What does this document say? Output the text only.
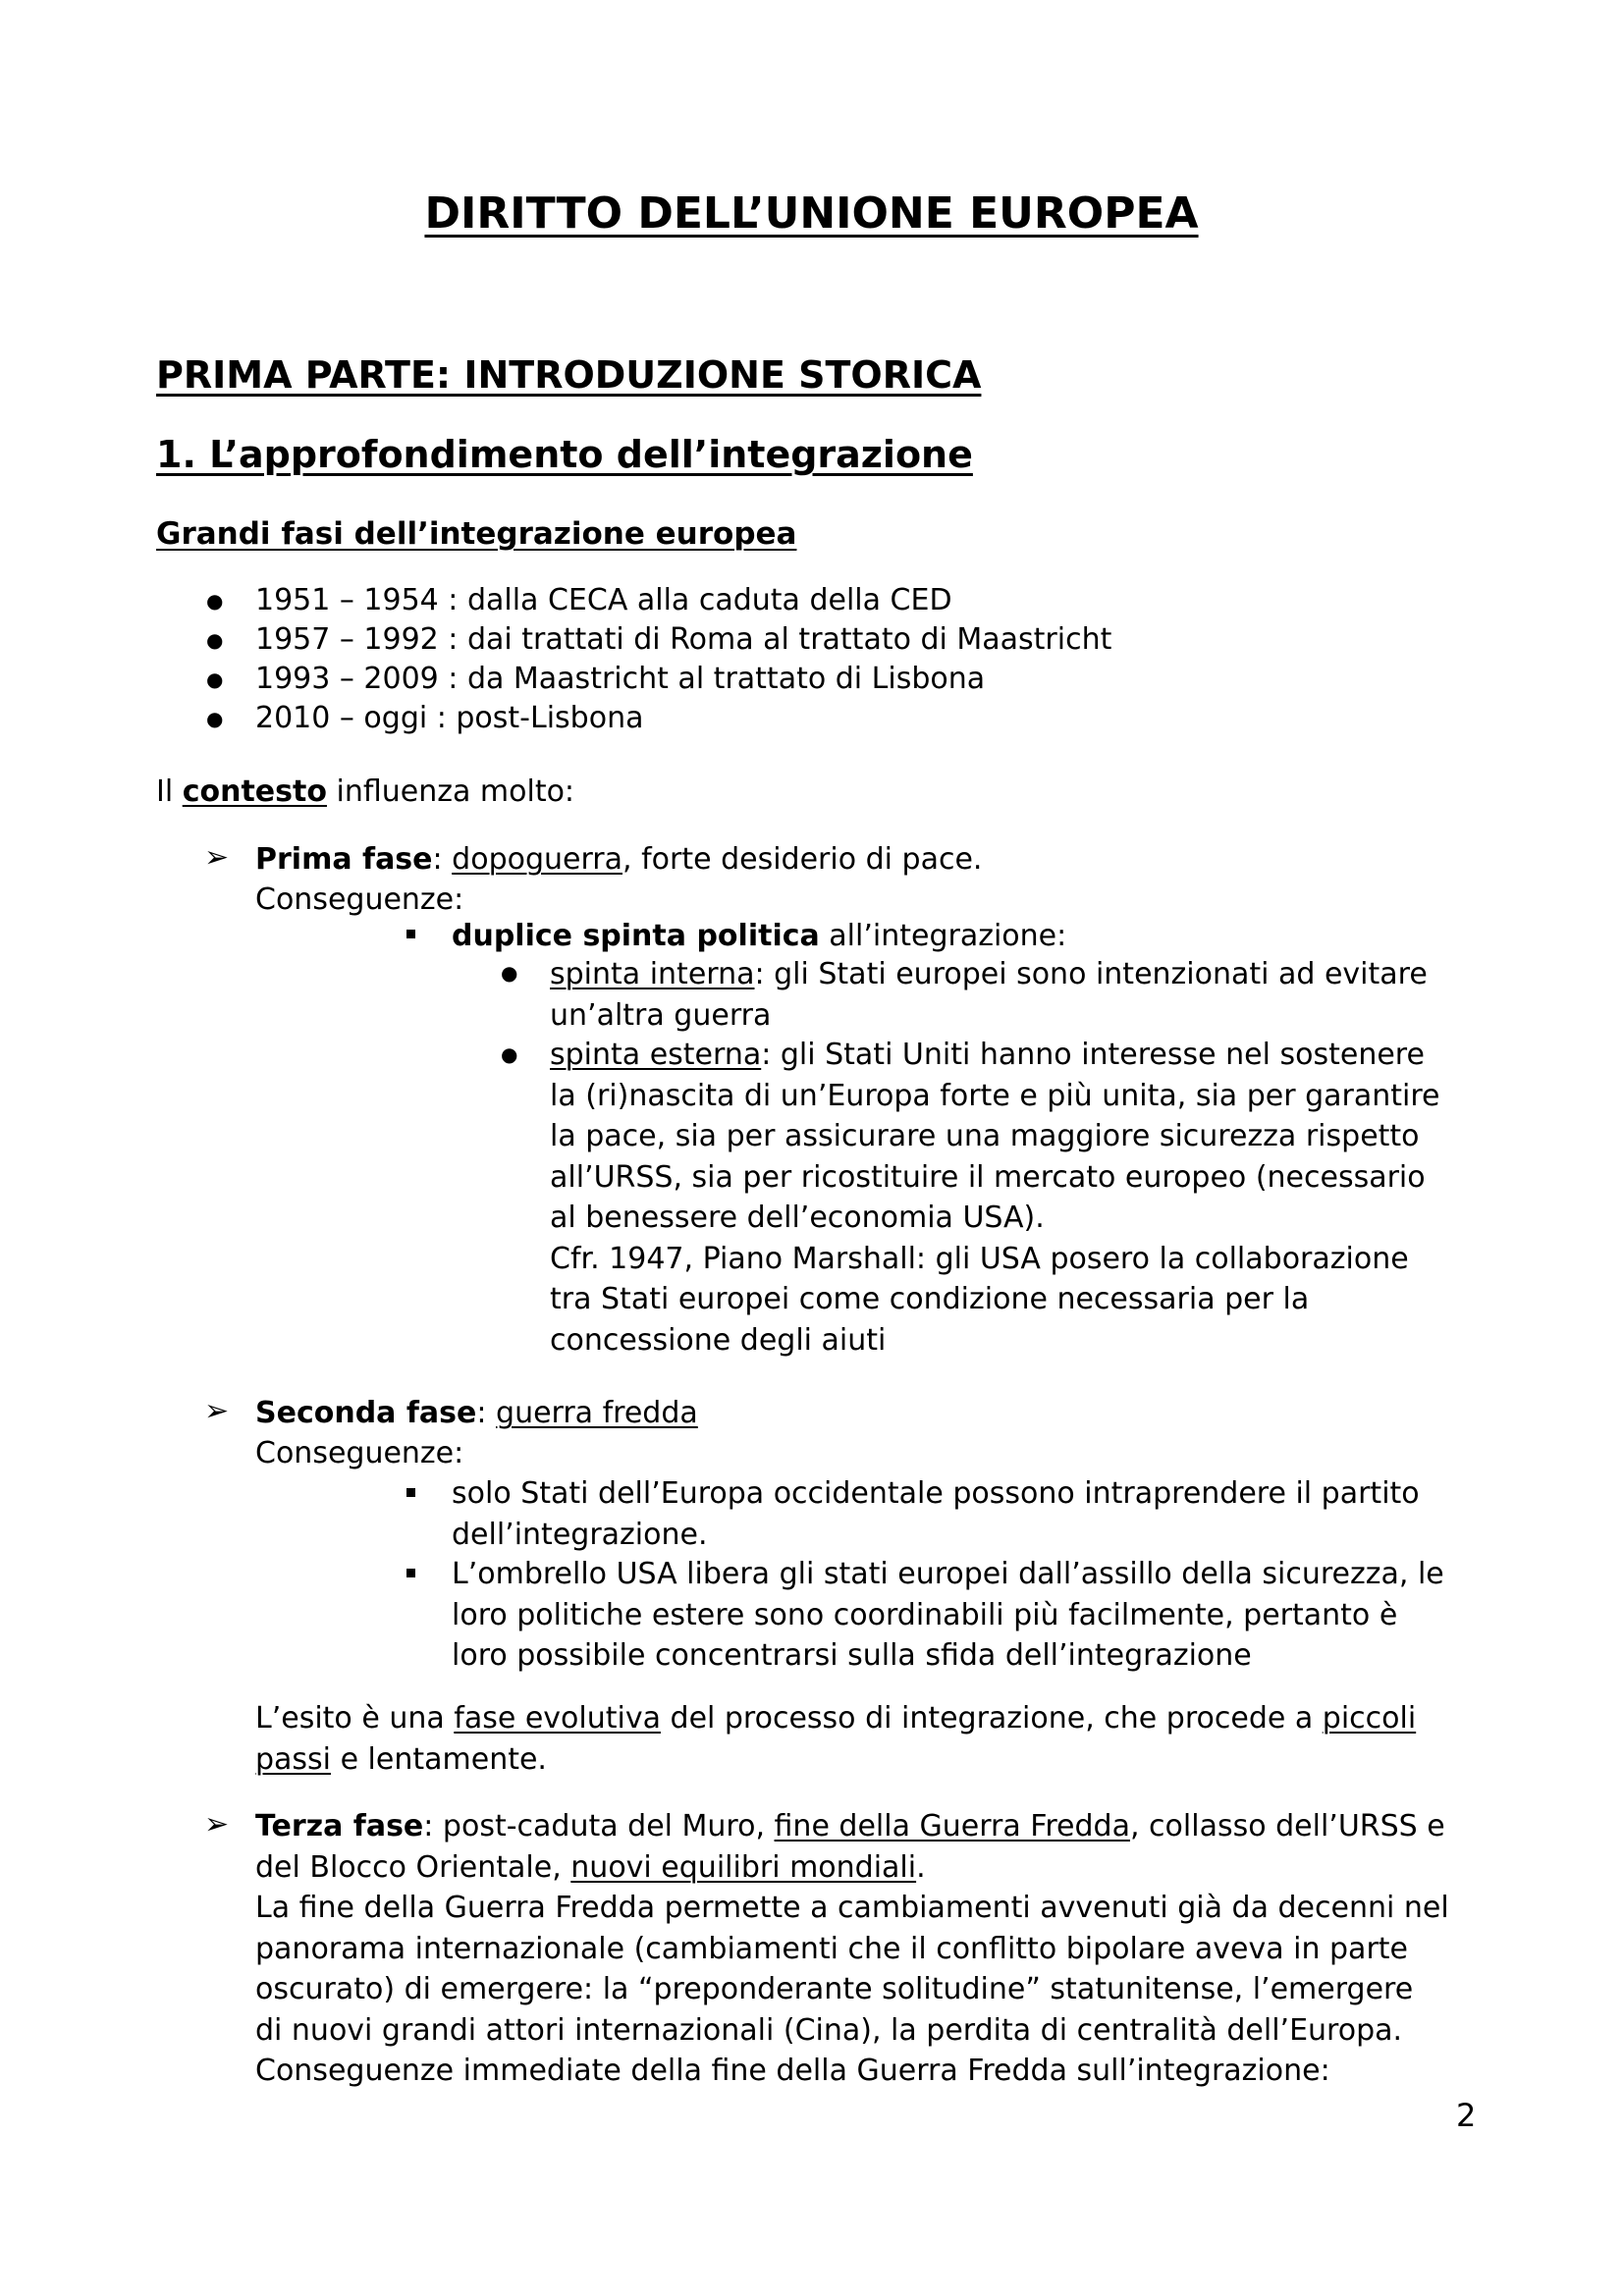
DIRITTO DELL’UNIONE EUROPEA
PRIMA PARTE: INTRODUZIONE STORICA
1. L’approfondimento dell’integrazione
Grandi fasi dell’integrazione europea
● 1951 – 1954 : dalla CECA alla caduta della CED
● 1957 – 1992 : dai trattati di Roma al trattato di Maastricht
● 1993 – 2009 : da Maastricht al trattato di Lisbona
● 2010 – oggi : post-Lisbona
Il contesto influenza molto:
➢ Prima fase: dopoguerra, forte desiderio di pace.
Conseguenze:
duplice spinta politica all’integrazione:
● spinta interna: gli Stati europei sono intenzionati ad evitare
un’altra guerra
● spinta esterna: gli Stati Uniti hanno interesse nel sostenere
la (ri)nascita di un’Europa forte e più unita, sia per garantire
la pace, sia per assicurare una maggiore sicurezza rispetto
all’URSS, sia per ricostituire il mercato europeo (necessario
al benessere dell’economia USA).
Cfr. 1947, Piano Marshall: gli USA posero la collaborazione
tra Stati europei come condizione necessaria per la
concessione degli aiuti
➢ Seconda fase: guerra fredda
Conseguenze:
solo Stati dell’Europa occidentale possono intraprendere il partito
dell’integrazione.
L’ombrello USA libera gli stati europei dall’assillo della sicurezza, le
loro politiche estere sono coordinabili più facilmente, pertanto è
loro possibile concentrarsi sulla sfida dell’integrazione
L’esito è una fase evolutiva del processo di integrazione, che procede a piccoli
passi e lentamente.
➢ Terza fase: post-caduta del Muro, fine della Guerra Fredda, collasso dell’URSS e
del Blocco Orientale, nuovi equilibri mondiali.
La fine della Guerra Fredda permette a cambiamenti avvenuti già da decenni nel
panorama internazionale (cambiamenti che il conflitto bipolare aveva in parte
oscurato) di emergere: la “preponderante solitudine” statunitense, l’emergere
di nuovi grandi attori internazionali (Cina), la perdita di centralità dell’Europa.
Conseguenze immediate della fine della Guerra Fredda sull’integrazione:
2
